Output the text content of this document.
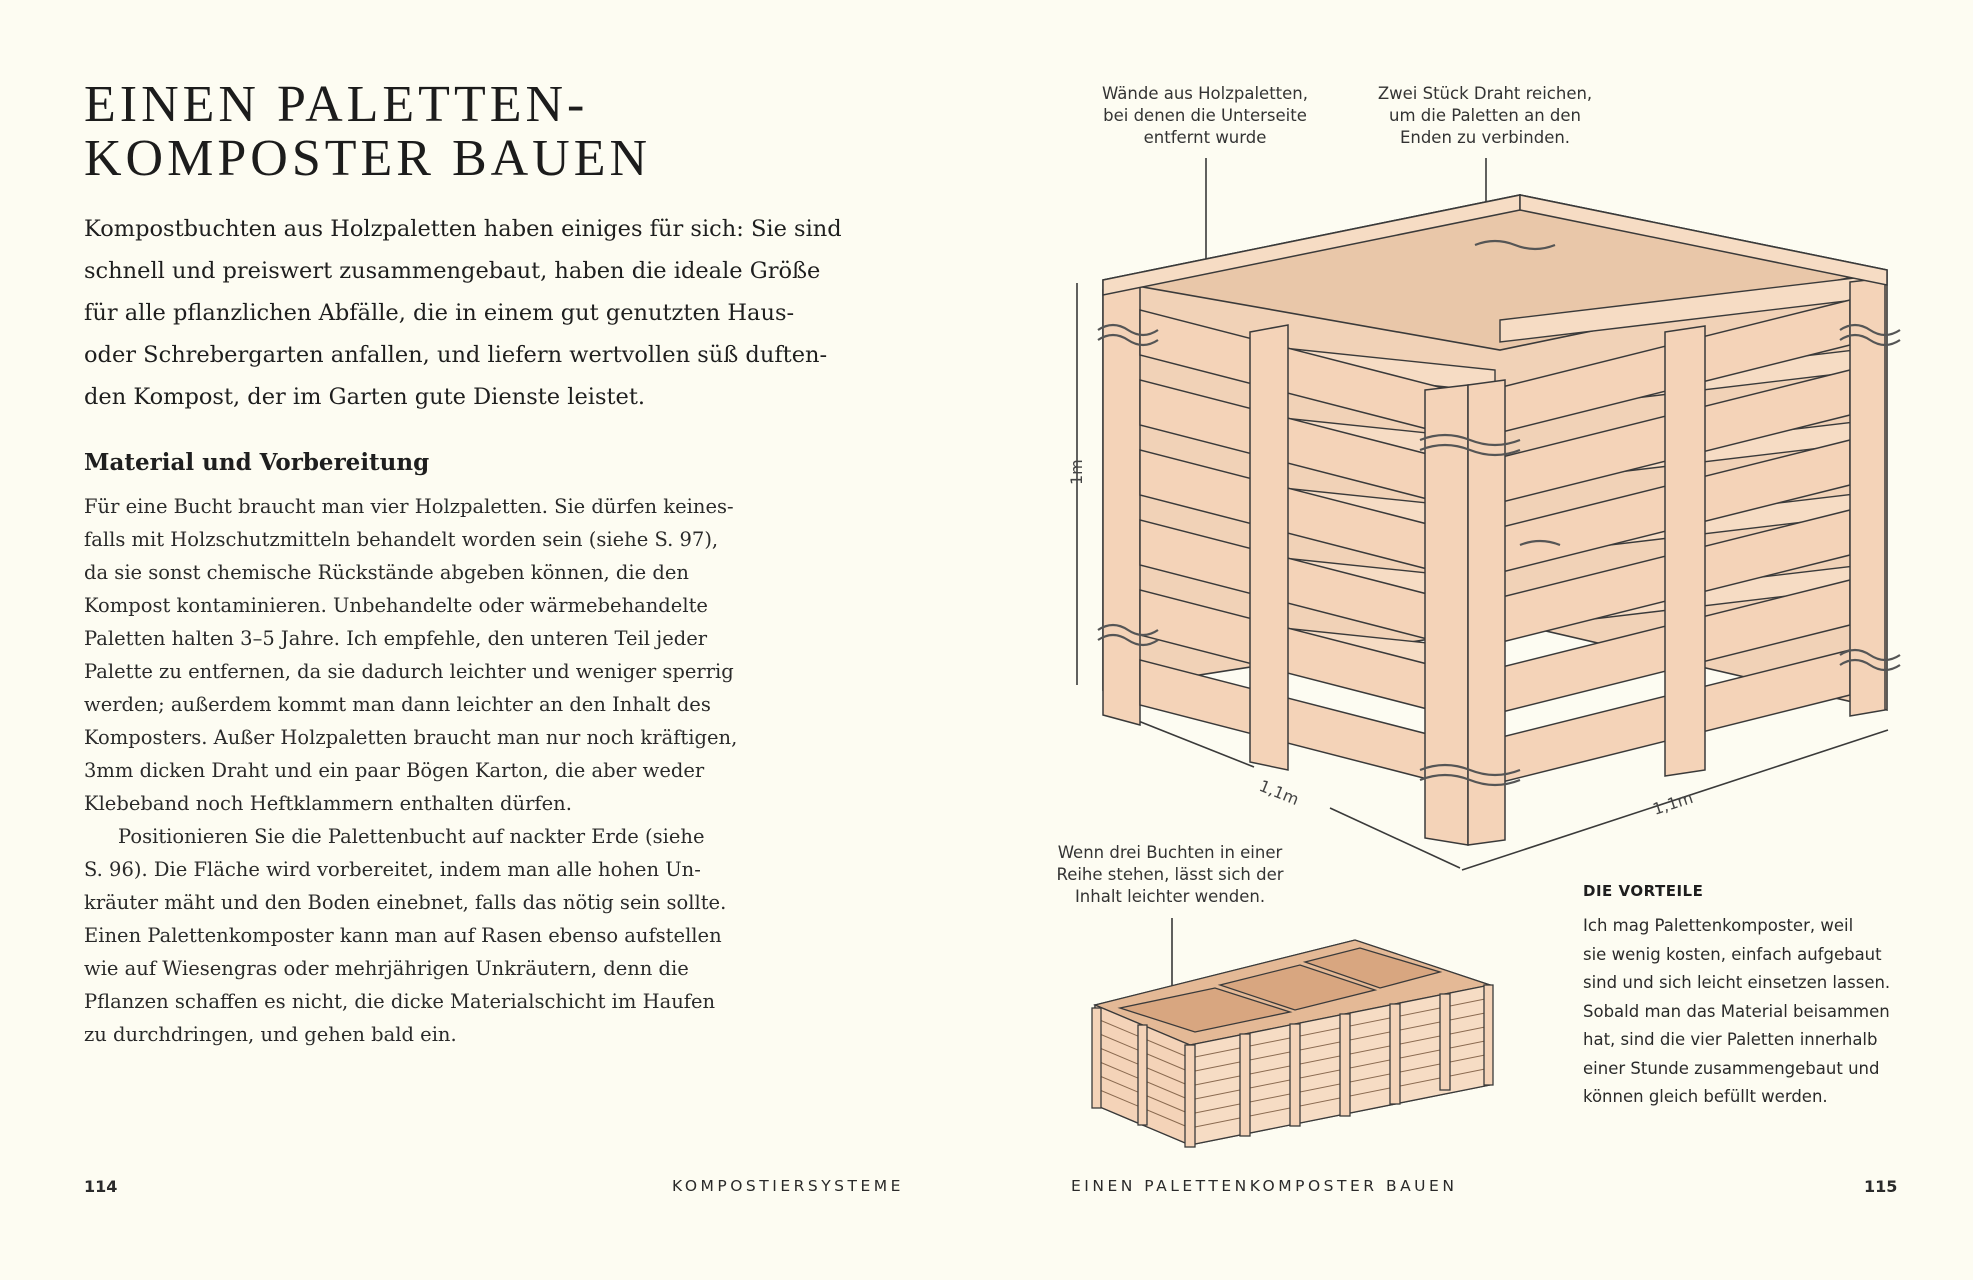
EINEN PALETTEN-
KOMPOSTER BAUEN

Kompostbuchten aus Holzpaletten haben einiges für sich: Sie sind
schnell und preiswert zusammengebaut, haben die ideale Größe
für alle pflanzlichen Abfälle, die in einem gut genutzten Haus-
oder Schrebergarten anfallen, und liefern wertvollen süß duften-
den Kompost, der im Garten gute Dienste leistet.

Material und Vorbereitung
Für eine Bucht braucht man vier Holzpaletten. Sie dürfen keines-
falls mit Holzschutzmitteln behandelt worden sein (siehe S. 97),
da sie sonst chemische Rückstände abgeben können, die den
Kompost kontaminieren. Unbehandelte oder wärmebehandelte
Paletten halten 3–5 Jahre. Ich empfehle, den unteren Teil jeder
Palette zu entfernen, da sie dadurch leichter und weniger sperrig
werden; außerdem kommt man dann leichter an den Inhalt des
Komposters. Außer Holzpaletten braucht man nur noch kräftigen,
3mm dicken Draht und ein paar Bögen Karton, die aber weder
Klebeband noch Heftklammern enthalten dürfen.
Positionieren Sie die Palettenbucht auf nackter Erde (siehe
S. 96). Die Fläche wird vorbereitet, indem man alle hohen Un-
kräuter mäht und den Boden einebnet, falls das nötig sein sollte.
Einen Palettenkomposter kann man auf Rasen ebenso aufstellen
wie auf Wiesengras oder mehrjährigen Unkräutern, denn die
Pflanzen schaffen es nicht, die dicke Materialschicht im Haufen
zu durchdringen, und gehen bald ein.
114	KOMPOSTIERSYSTEME	EINEN PALETTENKOMPOSTER BAUEN	115
Wände aus Holzpaletten,
bei denen die Unterseite
entfernt wurde
Zwei Stück Draht reichen,
um die Paletten an den
Enden zu verbinden.
Wenn drei Buchten in einer
Reihe stehen, lässt sich der
Inhalt leichter wenden.	DIE VORTEILE
Ich mag Palettenkomposter, weil
sie wenig kosten, einfach aufgebaut
sind und sich leicht einsetzen lassen.
Sobald man das Material beisammen
hat, sind die vier Paletten innerhalb
einer Stunde zusammengebaut und
können gleich befüllt werden.
1m
1,1m	1,1m
